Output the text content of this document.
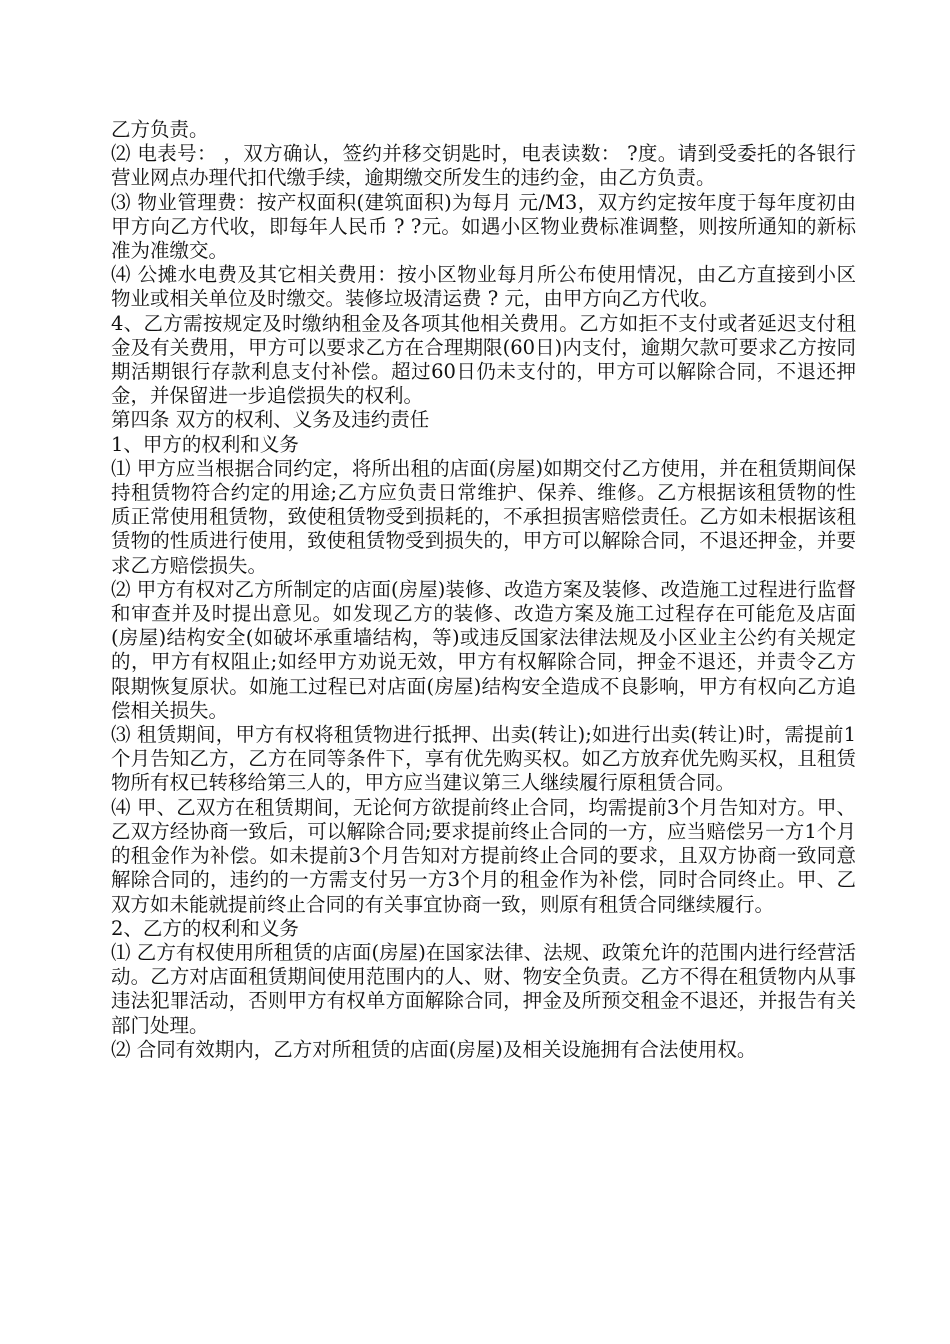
乙方负责。

⑵ 电表号： ，双方确认，签约并移交钥匙时，电表读数： ?度。请到受委托的各银行营业网点办理代扣代缴手续，逾期缴交所发生的违约金，由乙方负责。

⑶ 物业管理费：按产权面积(建筑面积)为每月 元/M3，双方约定按年度于每年度初由甲方向乙方代收，即每年人民币 ? ?元。如遇小区物业费标准调整，则按所通知的新标准为准缴交。

⑷ 公摊水电费及其它相关费用：按小区物业每月所公布使用情况，由乙方直接到小区物业或相关单位及时缴交。装修垃圾清运费 ? 元，由甲方向乙方代收。

4、乙方需按规定及时缴纳租金及各项其他相关费用。乙方如拒不支付或者延迟支付租金及有关费用，甲方可以要求乙方在合理期限(60日)内支付，逾期欠款可要求乙方按同期活期银行存款利息支付补偿。超过60日仍未支付的，甲方可以解除合同，不退还押金，并保留进一步追偿损失的权利。

第四条 双方的权利、义务及违约责任

1、甲方的权利和义务

⑴ 甲方应当根据合同约定，将所出租的店面(房屋)如期交付乙方使用，并在租赁期间保持租赁物符合约定的用途;乙方应负责日常维护、保养、维修。乙方根据该租赁物的性质正常使用租赁物，致使租赁物受到损耗的，不承担损害赔偿责任。乙方如未根据该租赁物的性质进行使用，致使租赁物受到损失的，甲方可以解除合同，不退还押金，并要求乙方赔偿损失。

⑵ 甲方有权对乙方所制定的店面(房屋)装修、改造方案及装修、改造施工过程进行监督和审查并及时提出意见。如发现乙方的装修、改造方案及施工过程存在可能危及店面(房屋)结构安全(如破坏承重墙结构，等)或违反国家法律法规及小区业主公约有关规定的，甲方有权阻止;如经甲方劝说无效，甲方有权解除合同，押金不退还，并责令乙方限期恢复原状。如施工过程已对店面(房屋)结构安全造成不良影响，甲方有权向乙方追偿相关损失。

⑶ 租赁期间，甲方有权将租赁物进行抵押、出卖(转让);如进行出卖(转让)时，需提前1个月告知乙方，乙方在同等条件下，享有优先购买权。如乙方放弃优先购买权，且租赁物所有权已转移给第三人的，甲方应当建议第三人继续履行原租赁合同。

⑷ 甲、乙双方在租赁期间，无论何方欲提前终止合同，均需提前3个月告知对方。甲、乙双方经协商一致后，可以解除合同;要求提前终止合同的一方，应当赔偿另一方1个月的租金作为补偿。如未提前3个月告知对方提前终止合同的要求，且双方协商一致同意解除合同的，违约的一方需支付另一方3个月的租金作为补偿，同时合同终止。甲、乙双方如未能就提前终止合同的有关事宜协商一致，则原有租赁合同继续履行。

2、乙方的权利和义务

⑴ 乙方有权使用所租赁的店面(房屋)在国家法律、法规、政策允许的范围内进行经营活动。乙方对店面租赁期间使用范围内的人、财、物安全负责。乙方不得在租赁物内从事违法犯罪活动，否则甲方有权单方面解除合同，押金及所预交租金不退还，并报告有关部门处理。

⑵ 合同有效期内，乙方对所租赁的店面(房屋)及相关设施拥有合法使用权。
